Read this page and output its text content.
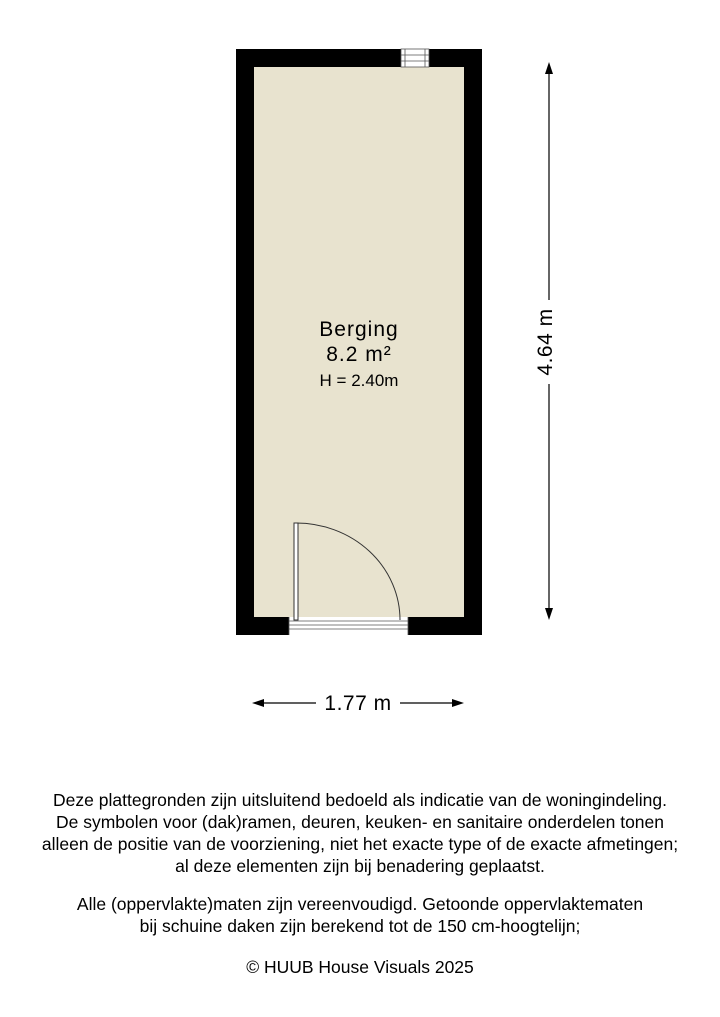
Berging
8.2 m²
H = 2.40m
1.77 m
4.64 m
Deze plattegronden zijn uitsluitend bedoeld als indicatie van de woningindeling.
De symbolen voor (dak)ramen, deuren, keuken- en sanitaire onderdelen tonen
alleen de positie van de voorziening, niet het exacte type of de exacte afmetingen;
al deze elementen zijn bij benadering geplaatst.
Alle (oppervlakte)maten zijn vereenvoudigd. Getoonde oppervlaktematen
bij schuine daken zijn berekend tot de 150 cm-hoogtelijn;
© HUUB House Visuals 2025
